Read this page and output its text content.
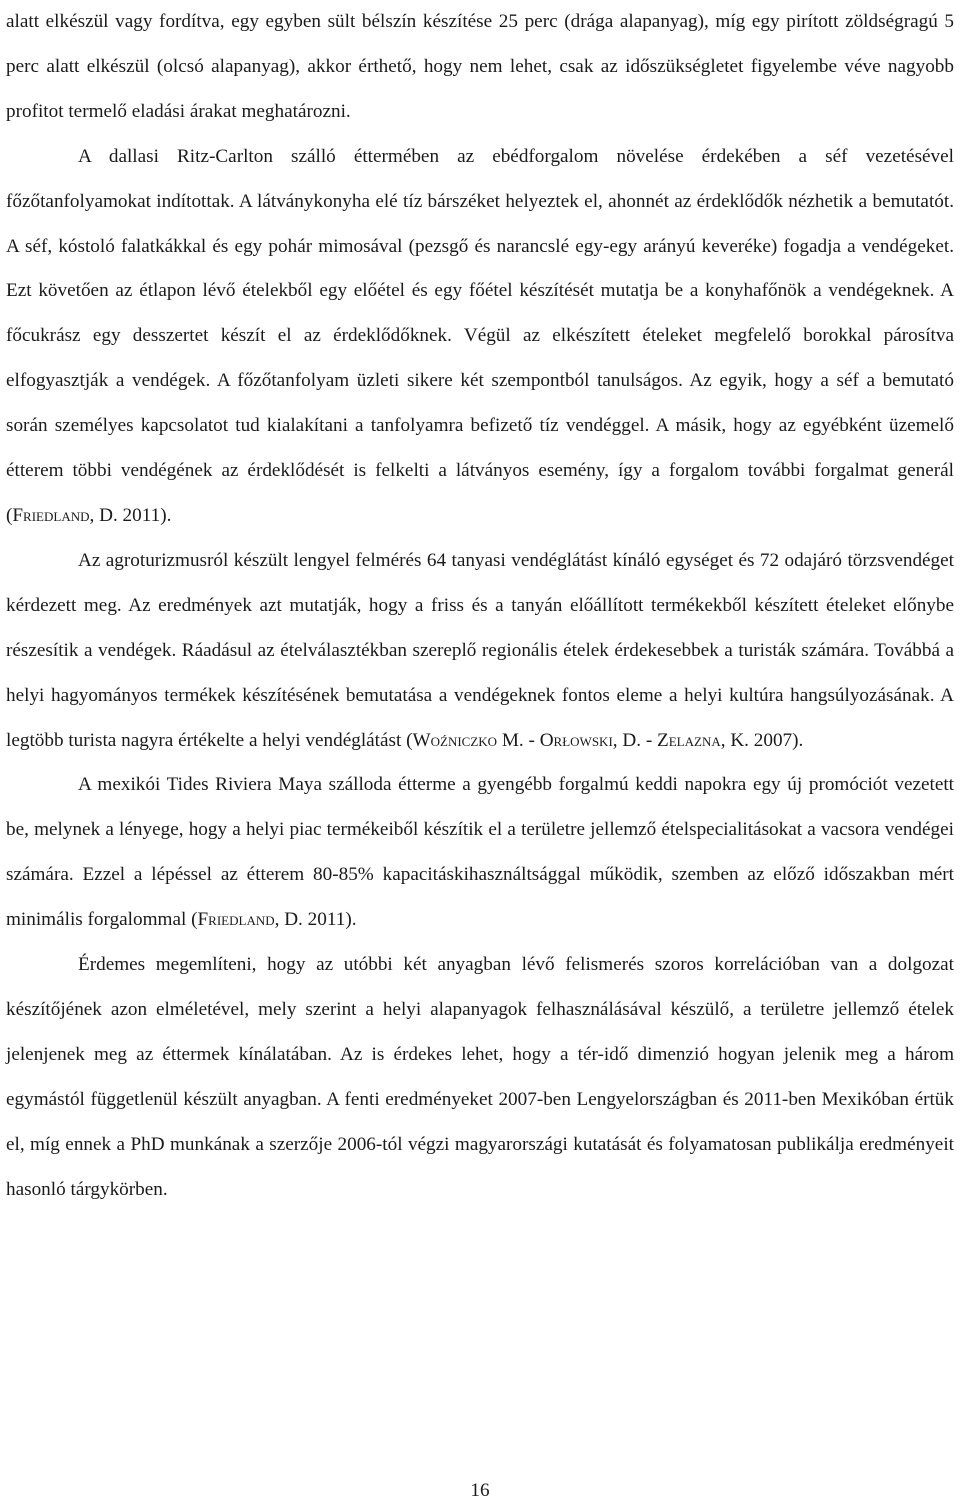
alatt elkészül vagy fordítva, egy egyben sült bélszín készítése 25 perc (drága alapanyag), míg egy pirított zöldségragú 5 perc alatt elkészül (olcsó alapanyag), akkor érthető, hogy nem lehet, csak az időszükségletet figyelembe véve nagyobb profitot termelő eladási árakat meghatározni.

A dallasi Ritz-Carlton szálló éttermében az ebédforgalom növelése érdekében a séf vezetésével főzőtanfolyamokat indítottak. A látványkonyha elé tíz bárszéket helyeztek el, ahonnét az érdeklődők nézhetik a bemutatót. A séf, kóstoló falatkákkal és egy pohár mimosával (pezsgő és narancslé egy-egy arányú keveréke) fogadja a vendégeket. Ezt követően az étlapon lévő ételekből egy előétel és egy főétel készítését mutatja be a konyhafőnök a vendégeknek. A főcukrász egy desszertet készít el az érdeklődőknek. Végül az elkészített ételeket megfelelő borokkal párosítva elfogyasztják a vendégek. A főzőtanfolyam üzleti sikere két szempontból tanulságos. Az egyik, hogy a séf a bemutató során személyes kapcsolatot tud kialakítani a tanfolyamra befizető tíz vendéggel. A másik, hogy az egyébként üzemelő étterem többi vendégének az érdeklődését is felkelti a látványos esemény, így a forgalom további forgalmat generál (Friedland, D. 2011).

Az agroturizmusról készült lengyel felmérés 64 tanyasi vendéglátást kínáló egységet és 72 odajáró törzsvendéget kérdezett meg. Az eredmények azt mutatják, hogy a friss és a tanyán előállított termékekből készített ételeket előnybe részesítik a vendégek. Ráadásul az ételválasztékban szereplő regionális ételek érdekesebbek a turisták számára. Továbbá a helyi hagyományos termékek készítésének bemutatása a vendégeknek fontos eleme a helyi kultúra hangsúlyozásának. A legtöbb turista nagyra értékelte a helyi vendéglátást (Woźniczko M. - Orłowski, D. - Zelazna, K. 2007).

A mexikói Tides Riviera Maya szálloda étterme a gyengébb forgalmú keddi napokra egy új promóciót vezetett be, melynek a lényege, hogy a helyi piac termékeiből készítik el a területre jellemző ételspecialitásokat a vacsora vendégei számára. Ezzel a lépéssel az étterem 80-85% kapacitáskihasználtsággal működik, szemben az előző időszakban mért minimális forgalommal (Friedland, D. 2011).

Érdemes megemlíteni, hogy az utóbbi két anyagban lévő felismerés szoros korrelációban van a dolgozat készítőjének azon elméletével, mely szerint a helyi alapanyagok felhasználásával készülő, a területre jellemző ételek jelenjenek meg az éttermek kínálatában. Az is érdekes lehet, hogy a tér-idő dimenzió hogyan jelenik meg a három egymástól függetlenül készült anyagban. A fenti eredményeket 2007-ben Lengyelországban és 2011-ben Mexikóban értük el, míg ennek a PhD munkának a szerzője 2006-tól végzi magyarországi kutatását és folyamatosan publikálja eredményeit hasonló tárgykörben.

16
